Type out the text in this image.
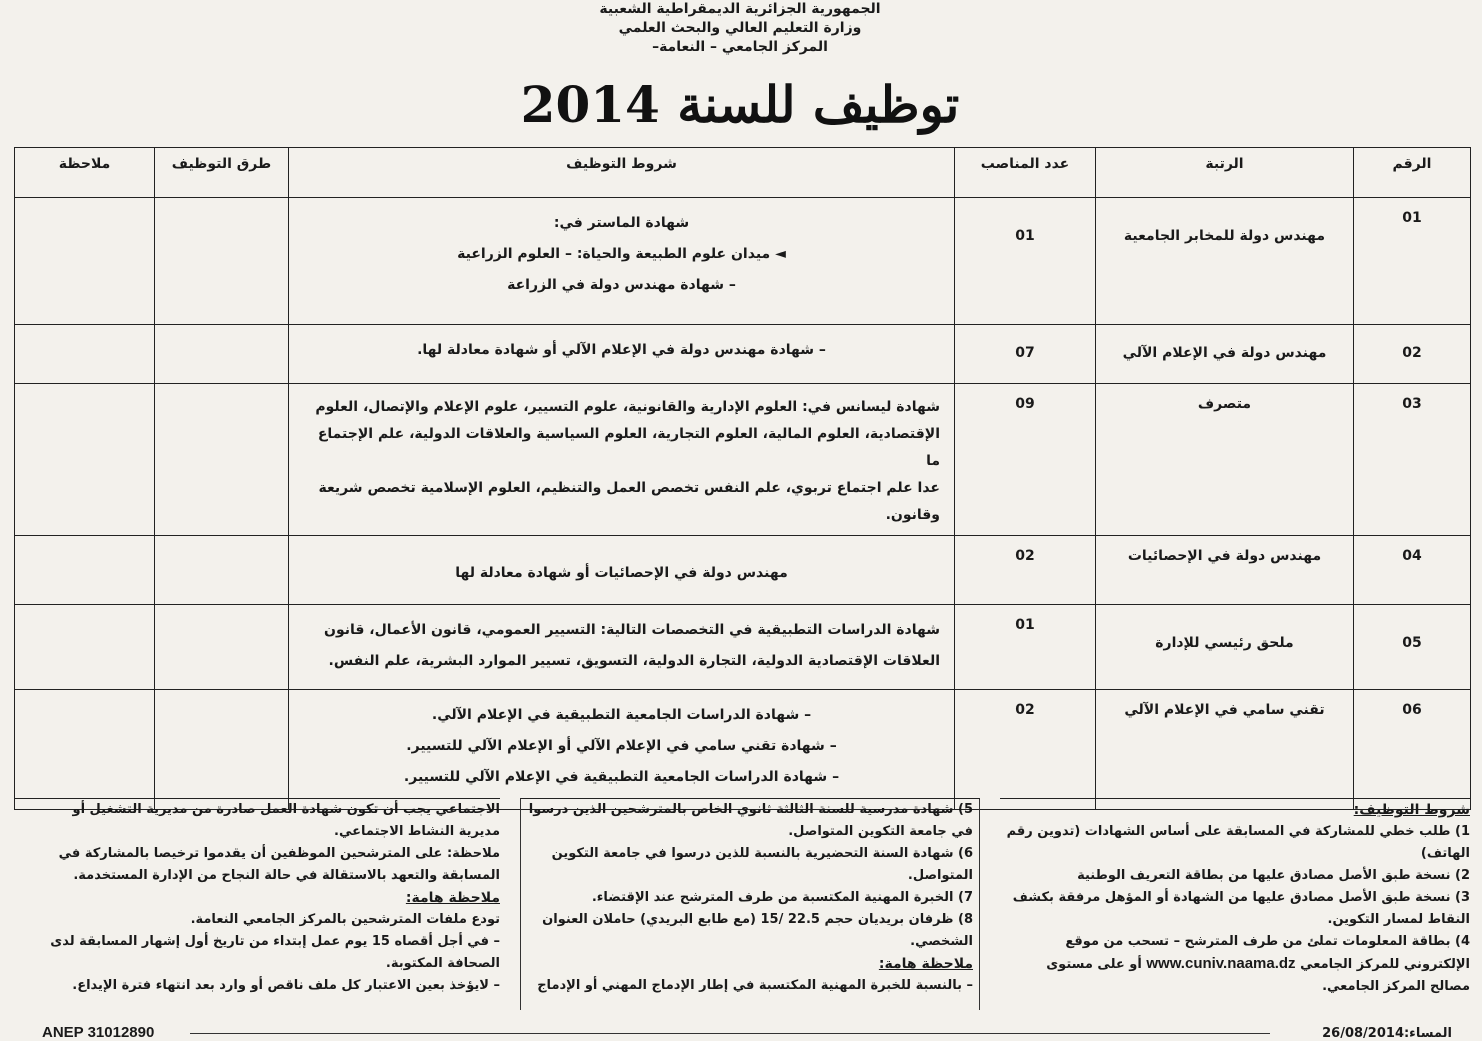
الجمهورية الجزائرية الديمقراطية الشعبية
وزارة التعليم العالي والبحث العلمي
المركز الجامعي – النعامة–
توظيف للسنة 2014
الرقم	الرتبة	عدد المناصب	شروط التوظيف	طرق التوظيف	ملاحظة
01	مهندس دولة للمخابر الجامعية	01	شهادة الماستر في:
◄ ميدان علوم الطبيعة والحياة: – العلوم الزراعية
– شهادة مهندس دولة في الزراعة		

02	مهندس دولة في الإعلام الآلي	07	– شهادة مهندس دولة في الإعلام الآلي أو شهادة معادلة لها.		

03	متصرف	09	شهادة ليسانس في: العلوم الإدارية والقانونية، علوم التسيير، علوم الإعلام والإتصال، العلوم
الإقتصادية، العلوم المالية، العلوم التجارية، العلوم السياسية والعلاقات الدولية، علم الإجتماع ما
عدا علم اجتماع تربوي، علم النفس تخصص العمل والتنظيم، العلوم الإسلامية تخصص شريعة
وقانون.		

04	مهندس دولة في الإحصائيات	02	مهندس دولة في الإحصائيات أو شهادة معادلة لها		

05	ملحق رئيسي للإدارة	01	شهادة الدراسات التطبيقية في التخصصات التالية: التسيير العمومي، قانون الأعمال، قانون
العلاقات الإقتصادية الدولية، التجارة الدولية، التسويق، تسيير الموارد البشرية، علم النفس.		

06	تقني سامي في الإعلام الآلي	02	– شهادة الدراسات الجامعية التطبيقية في الإعلام الآلي.
– شهادة تقني سامي في الإعلام الآلي أو الإعلام الآلي للتسيير.
– شهادة الدراسات الجامعية التطبيقية في الإعلام الآلي للتسيير.		

شروط التوظيف:
1) طلب خطي للمشاركة في المسابقة على أساس الشهادات (تدوين رقم
الهاتف)
2) نسخة طبق الأصل مصادق عليها من بطاقة التعريف الوطنية
3) نسخة طبق الأصل مصادق عليها من الشهادة أو المؤهل مرفقة بكشف
النقاط لمسار التكوين.
4) بطاقة المعلومات تملئ من طرف المترشح – تسحب من موقع
الإلكتروني للمركز الجامعي www.cuniv.naama.dz أو على مستوى
مصالح المركز الجامعي.
5) شهادة مدرسية للسنة الثالثة ثانوي الخاص بالمترشحين الذين درسوا
في جامعة التكوين المتواصل.
6) شهادة السنة التحضيرية بالنسبة للذين درسوا في جامعة التكوين
المتواصل.
7) الخبرة المهنية المكتسبة من طرف المترشح عند الإقتضاء.
8) ظرفان بريديان حجم 22.5 /15 (مع طابع البريدي) حاملان العنوان
الشخصي.
ملاحظة هامة:
– بالنسبة للخبرة المهنية المكتسبة في إطار الإدماج المهني أو الإدماج
الاجتماعي يجب أن تكون شهادة العمل صادرة من مديرية التشغيل أو
مديرية النشاط الاجتماعي.
ملاحظة: على المترشحين الموظفين أن يقدموا ترخيصا بالمشاركة في
المسابقة والتعهد بالاستقالة في حالة النجاح من الإدارة المستخدمة.
ملاحظة هامة:
تودع ملفات المترشحين بالمركز الجامعي النعامة.
– في أجل أقصاه 15 يوم عمل إبتداء من تاريخ أول إشهار المسابقة لدى
الصحافة المكتوبة.
– لايؤخذ بعين الاعتبار كل ملف ناقص أو وارد بعد انتهاء فترة الإيداع.
ANEP 31012890	المساء:26/08/2014
